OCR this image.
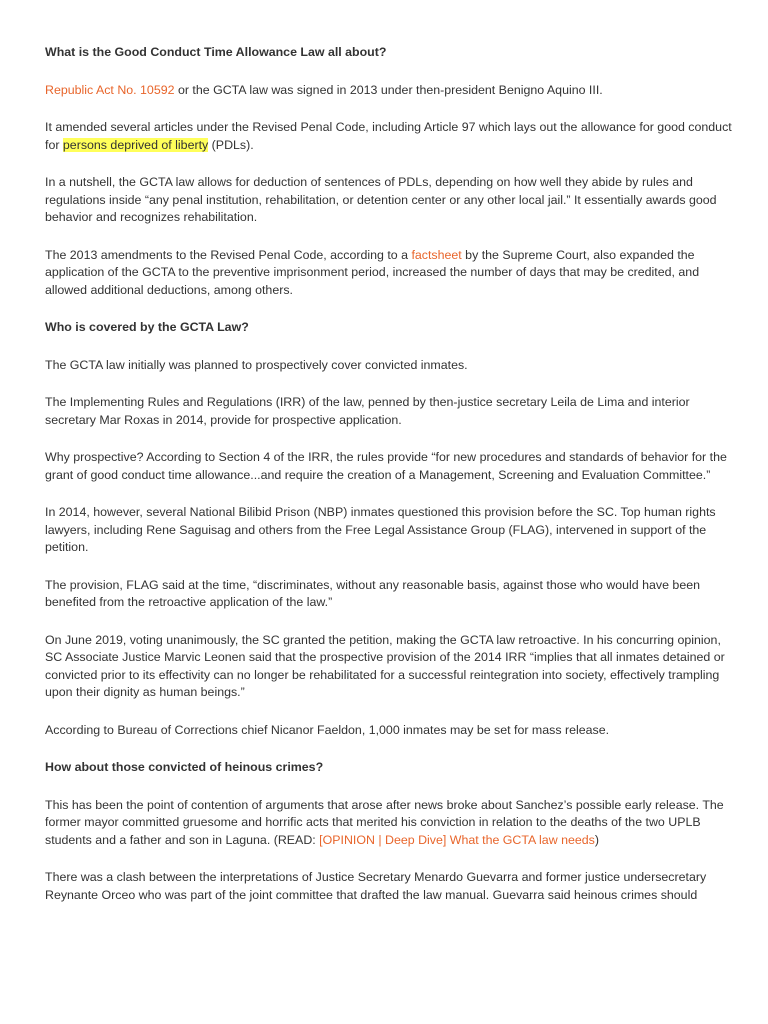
What is the Good Conduct Time Allowance Law all about?
Republic Act No. 10592 or the GCTA law was signed in 2013 under then-president Benigno Aquino III.
It amended several articles under the Revised Penal Code, including Article 97 which lays out the allowance for good conduct for persons deprived of liberty (PDLs).
In a nutshell, the GCTA law allows for deduction of sentences of PDLs, depending on how well they abide by rules and regulations inside “any penal institution, rehabilitation, or detention center or any other local jail.” It essentially awards good behavior and recognizes rehabilitation.
The 2013 amendments to the Revised Penal Code, according to a factsheet by the Supreme Court, also expanded the application of the GCTA to the preventive imprisonment period, increased the number of days that may be credited, and allowed additional deductions, among others.
Who is covered by the GCTA Law?
The GCTA law initially was planned to prospectively cover convicted inmates.
The Implementing Rules and Regulations (IRR) of the law, penned by then-justice secretary Leila de Lima and interior secretary Mar Roxas in 2014, provide for prospective application.
Why prospective? According to Section 4 of the IRR, the rules provide “for new procedures and standards of behavior for the grant of good conduct time allowance...and require the creation of a Management, Screening and Evaluation Committee.”
In 2014, however, several National Bilibid Prison (NBP) inmates questioned this provision before the SC. Top human rights lawyers, including Rene Saguisag and others from the Free Legal Assistance Group (FLAG), intervened in support of the petition.
The provision, FLAG said at the time, “discriminates, without any reasonable basis, against those who would have been benefited from the retroactive application of the law.”
On June 2019, voting unanimously, the SC granted the petition, making the GCTA law retroactive. In his concurring opinion, SC Associate Justice Marvic Leonen said that the prospective provision of the 2014 IRR “implies that all inmates detained or convicted prior to its effectivity can no longer be rehabilitated for a successful reintegration into society, effectively trampling upon their dignity as human beings.”
According to Bureau of Corrections chief Nicanor Faeldon, 1,000 inmates may be set for mass release.
How about those convicted of heinous crimes?
This has been the point of contention of arguments that arose after news broke about Sanchez’s possible early release. The former mayor committed gruesome and horrific acts that merited his conviction in relation to the deaths of the two UPLB students and a father and son in Laguna. (READ: [OPINION | Deep Dive] What the GCTA law needs)
There was a clash between the interpretations of Justice Secretary Menardo Guevarra and former justice undersecretary Reynante Orceo who was part of the joint committee that drafted the law manual. Guevarra said heinous crimes should
